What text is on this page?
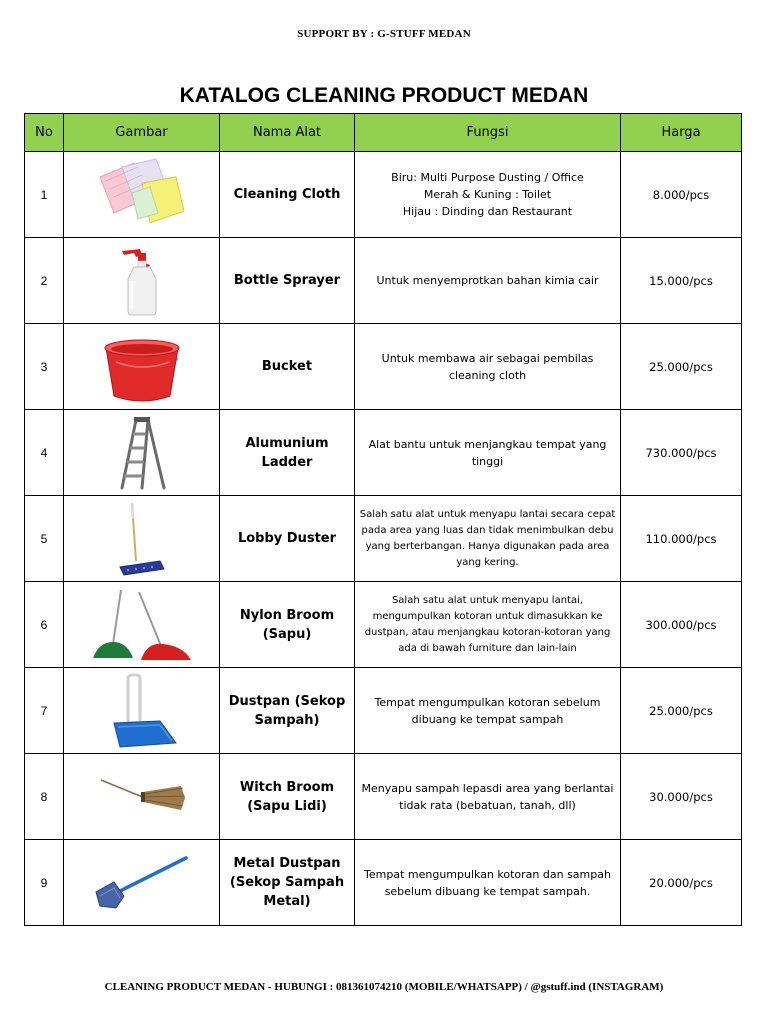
SUPPORT BY : G-STUFF MEDAN
KATALOG CLEANING PRODUCT MEDAN
No	Gambar	Nama Alat	Fungsi	Harga
1		Cleaning Cloth	Biru: Multi Purpose Dusting / Office
Merah & Kuning : Toilet
Hijau : Dinding dan Restaurant	8.000/pcs
2		Bottle Sprayer	Untuk menyemprotkan bahan kimia cair	15.000/pcs
3		Bucket	Untuk membawa air sebagai pembilas
cleaning cloth	25.000/pcs
4		Alumunium Ladder	Alat bantu untuk menjangkau tempat yang
tinggi	730.000/pcs
5		Lobby Duster	Salah satu alat untuk menyapu lantai secara cepat
pada area yang luas dan tidak menimbulkan debu
yang berterbangan. Hanya digunakan pada area
yang kering.	110.000/pcs
6		Nylon Broom (Sapu)	Salah satu alat untuk menyapu lantai,
mengumpulkan kotoran untuk dimasukkan ke
dustpan, atau menjangkau kotoran-kotoran yang
ada di bawah furniture dan lain-lain	300.000/pcs
7		Dustpan (Sekop Sampah)	Tempat mengumpulkan kotoran sebelum
dibuang ke tempat sampah	25.000/pcs
8		Witch Broom (Sapu Lidi)	Menyapu sampah lepasdi area yang berlantai
tidak rata (bebatuan, tanah, dll)	30.000/pcs
9		Metal Dustpan (Sekop Sampah Metal)	Tempat mengumpulkan kotoran dan sampah
sebelum dibuang ke tempat sampah.	20.000/pcs
CLEANING PRODUCT MEDAN - HUBUNGI : 081361074210 (MOBILE/WHATSAPP) / @gstuff.ind (INSTAGRAM)
